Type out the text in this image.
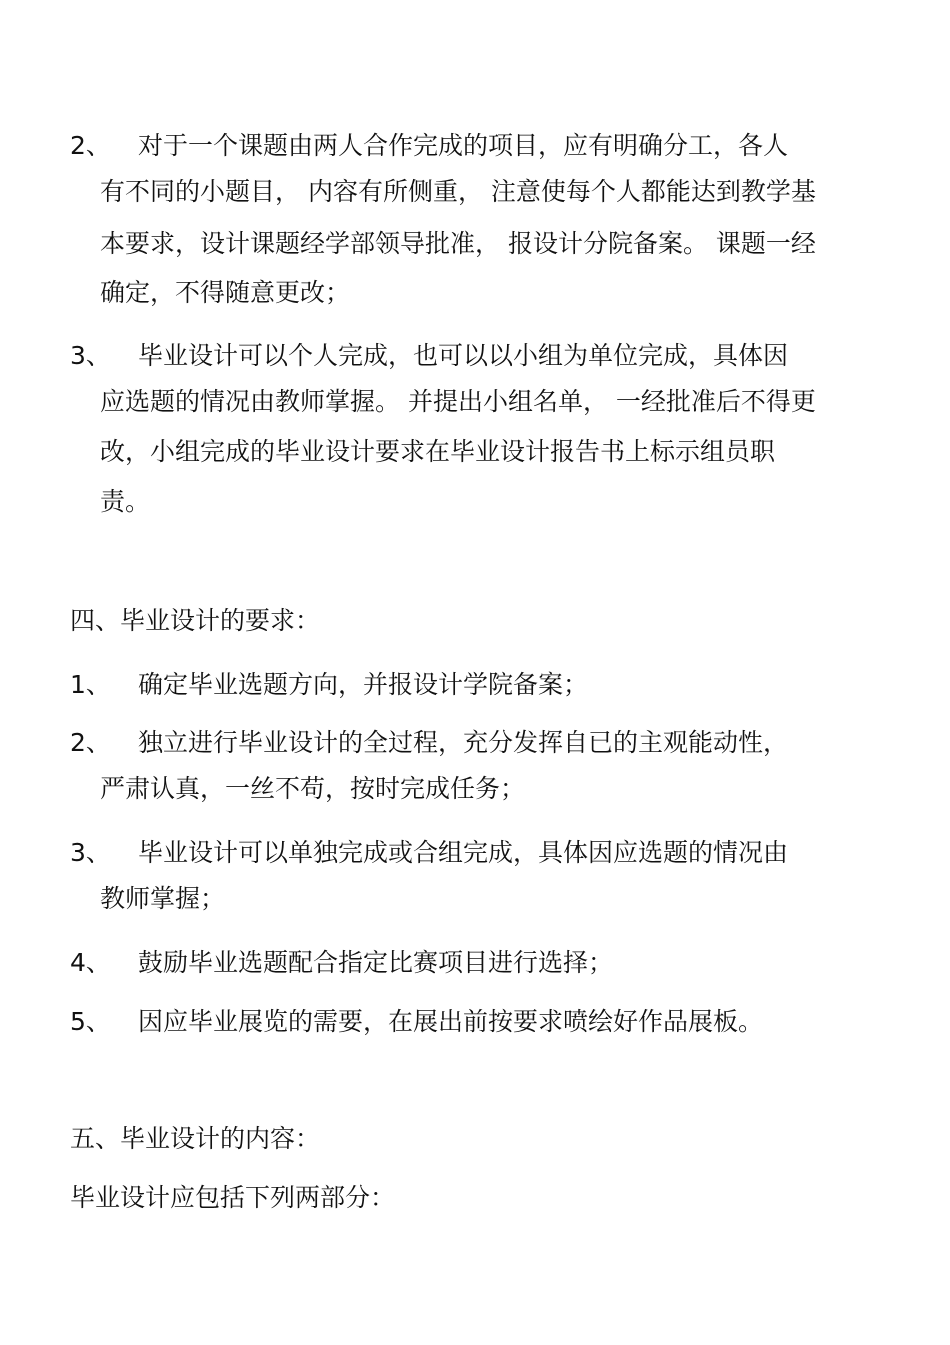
2、 对于一个课题由两人合作完成的项目，应有明确分工，各人
有不同的小题目， 内容有所侧重， 注意使每个人都能达到教学基
本要求，设计课题经学部领导批准， 报设计分院备案。 课题一经
确定，不得随意更改；
3、 毕业设计可以个人完成，也可以以小组为单位完成，具体因
应选题的情况由教师掌握。 并提出小组名单， 一经批准后不得更
改，小组完成的毕业设计要求在毕业设计报告书上标示组员职
责。
四、毕业设计的要求：
1、 确定毕业选题方向，并报设计学院备案；
2、 独立进行毕业设计的全过程，充分发挥自已的主观能动性，
严肃认真，一丝不苟，按时完成任务；
3、 毕业设计可以单独完成或合组完成，具体因应选题的情况由
教师掌握；
4、 鼓励毕业选题配合指定比赛项目进行选择；
5、 因应毕业展览的需要，在展出前按要求喷绘好作品展板。
五、毕业设计的内容：
毕业设计应包括下列两部分：
